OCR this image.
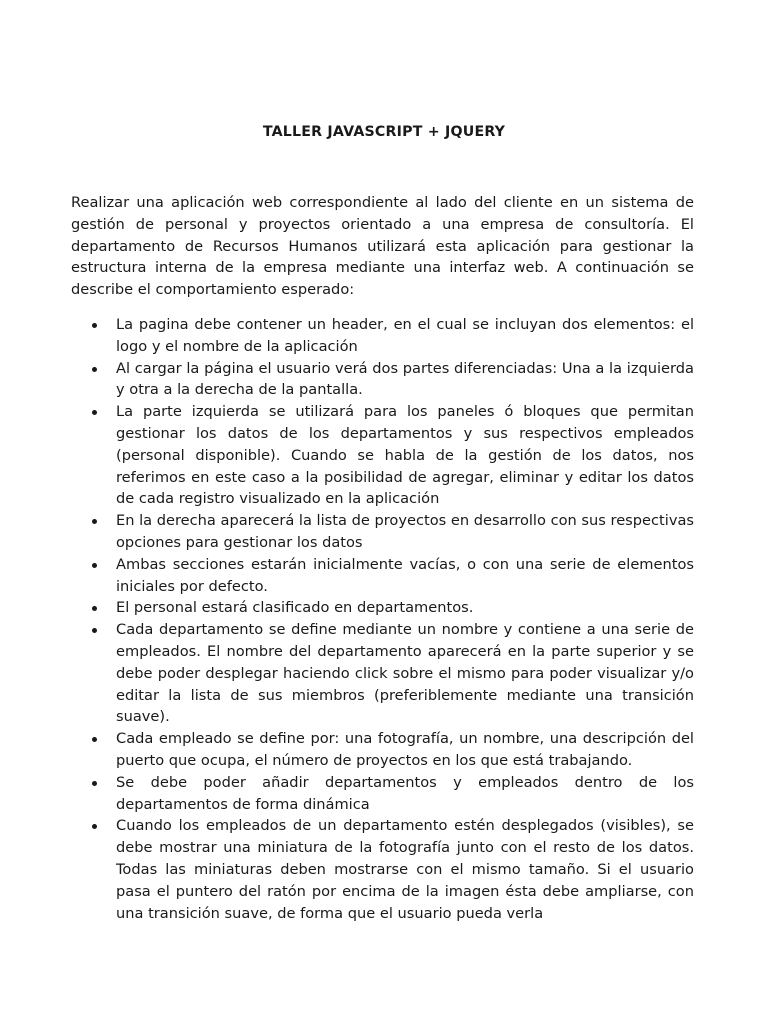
TALLER JAVASCRIPT + JQUERY

Realizar una aplicación web correspondiente al lado del cliente en un sistema de gestión de personal y proyectos orientado a una empresa de consultoría. El departamento de Recursos Humanos utilizará esta aplicación para gestionar la estructura interna de la empresa mediante una interfaz web. A continuación se describe el comportamiento esperado:

La pagina debe contener un header, en el cual se incluyan dos elementos: el logo y el nombre de la aplicación
Al cargar la página el usuario verá dos partes diferenciadas: Una a la izquierda y otra a la derecha de la pantalla.
La parte izquierda se utilizará para los paneles ó bloques que permitan gestionar los datos de los departamentos y sus respectivos empleados (personal disponible). Cuando se habla de la gestión de los datos, nos referimos en este caso a la posibilidad de agregar, eliminar y editar los datos de cada registro visualizado en la aplicación
En la derecha aparecerá la lista de proyectos en desarrollo con sus respectivas opciones para gestionar los datos
Ambas secciones estarán inicialmente vacías, o con una serie de elementos iniciales por defecto.
El personal estará clasificado en departamentos.
Cada departamento se define mediante un nombre y contiene a una serie de empleados. El nombre del departamento aparecerá en la parte superior y se debe poder desplegar haciendo click sobre el mismo para poder visualizar y/o editar la lista de sus miembros (preferiblemente mediante una transición suave).
Cada empleado se define por: una fotografía, un nombre, una descripción del puerto que ocupa, el número de proyectos en los que está trabajando.
Se debe poder añadir departamentos y empleados dentro de los departamentos de forma dinámica
Cuando los empleados de un departamento estén desplegados (visibles), se debe mostrar una miniatura de la fotografía junto con el resto de los datos. Todas las miniaturas deben mostrarse con el mismo tamaño. Si el usuario pasa el puntero del ratón por encima de la imagen ésta debe ampliarse, con una transición suave, de forma que el usuario pueda verla
